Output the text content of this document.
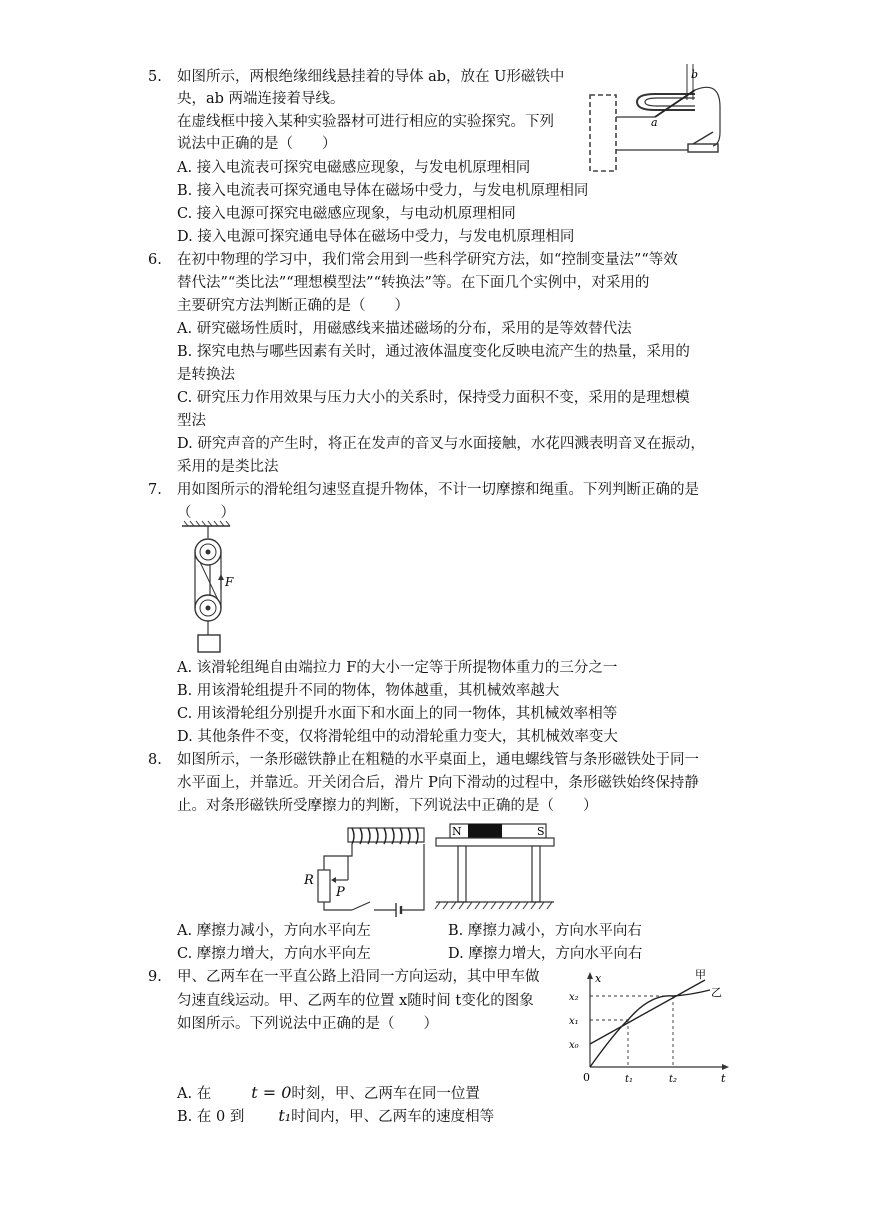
5. 如图所示，两根绝缘细线悬挂着的导体 ab，放在 U形磁铁中
央，ab 两端连接着导线。
在虚线框中接入某种实验器材可进行相应的实验探究。下列
说法中正确的是（　　）
A. 接入电流表可探究电磁感应现象，与发电机原理相同
B. 接入电流表可探究通电导体在磁场中受力，与发电机原理相同
C. 接入电源可探究电磁感应现象，与电动机原理相同
D. 接入电源可探究通电导体在磁场中受力，与发电机原理相同
b
a
6. 在初中物理的学习中，我们常会用到一些科学研究方法，如“控制变量法”“等效
替代法”“类比法”“理想模型法”“转换法”等。在下面几个实例中，对采用的
主要研究方法判断正确的是（　　）
A. 研究磁场性质时，用磁感线来描述磁场的分布，采用的是等效替代法
B. 探究电热与哪些因素有关时，通过液体温度变化反映电流产生的热量，采用的
是转换法
C. 研究压力作用效果与压力大小的关系时，保持受力面积不变，采用的是理想模
型法
D. 研究声音的产生时，将正在发声的音叉与水面接触，水花四溅表明音叉在振动，
采用的是类比法
7. 用如图所示的滑轮组匀速竖直提升物体，不计一切摩擦和绳重。下列判断正确的是
（　　）
F
A. 该滑轮组绳自由端拉力 F的大小一定等于所提物体重力的三分之一
B. 用该滑轮组提升不同的物体，物体越重，其机械效率越大
C. 用该滑轮组分别提升水面下和水面上的同一物体，其机械效率相等
D. 其他条件不变，仅将滑轮组中的动滑轮重力变大，其机械效率变大
8. 如图所示，一条形磁铁静止在粗糙的水平桌面上，通电螺线管与条形磁铁处于同一
水平面上，并靠近。开关闭合后，滑片 P向下滑动的过程中，条形磁铁始终保持静
止。对条形磁铁所受摩擦力的判断，下列说法中正确的是（　　）
R
P
N	S
A. 摩擦力减小，方向水平向左	B. 摩擦力减小，方向水平向右
C. 摩擦力增大，方向水平向左	D. 摩擦力增大，方向水平向右
9. 甲、乙两车在一平直公路上沿同一方向运动，其中甲车做
匀速直线运动。甲、乙两车的位置 x随时间 t变化的图象
如图所示。下列说法中正确的是（　　）
x
t
0
x₂
x₁
x₀
t₁	t₂
甲
乙
A. 在	t = 0时刻，甲、乙两车在同一位置
B. 在 0 到 t₁时间内，甲、乙两车的速度相等
